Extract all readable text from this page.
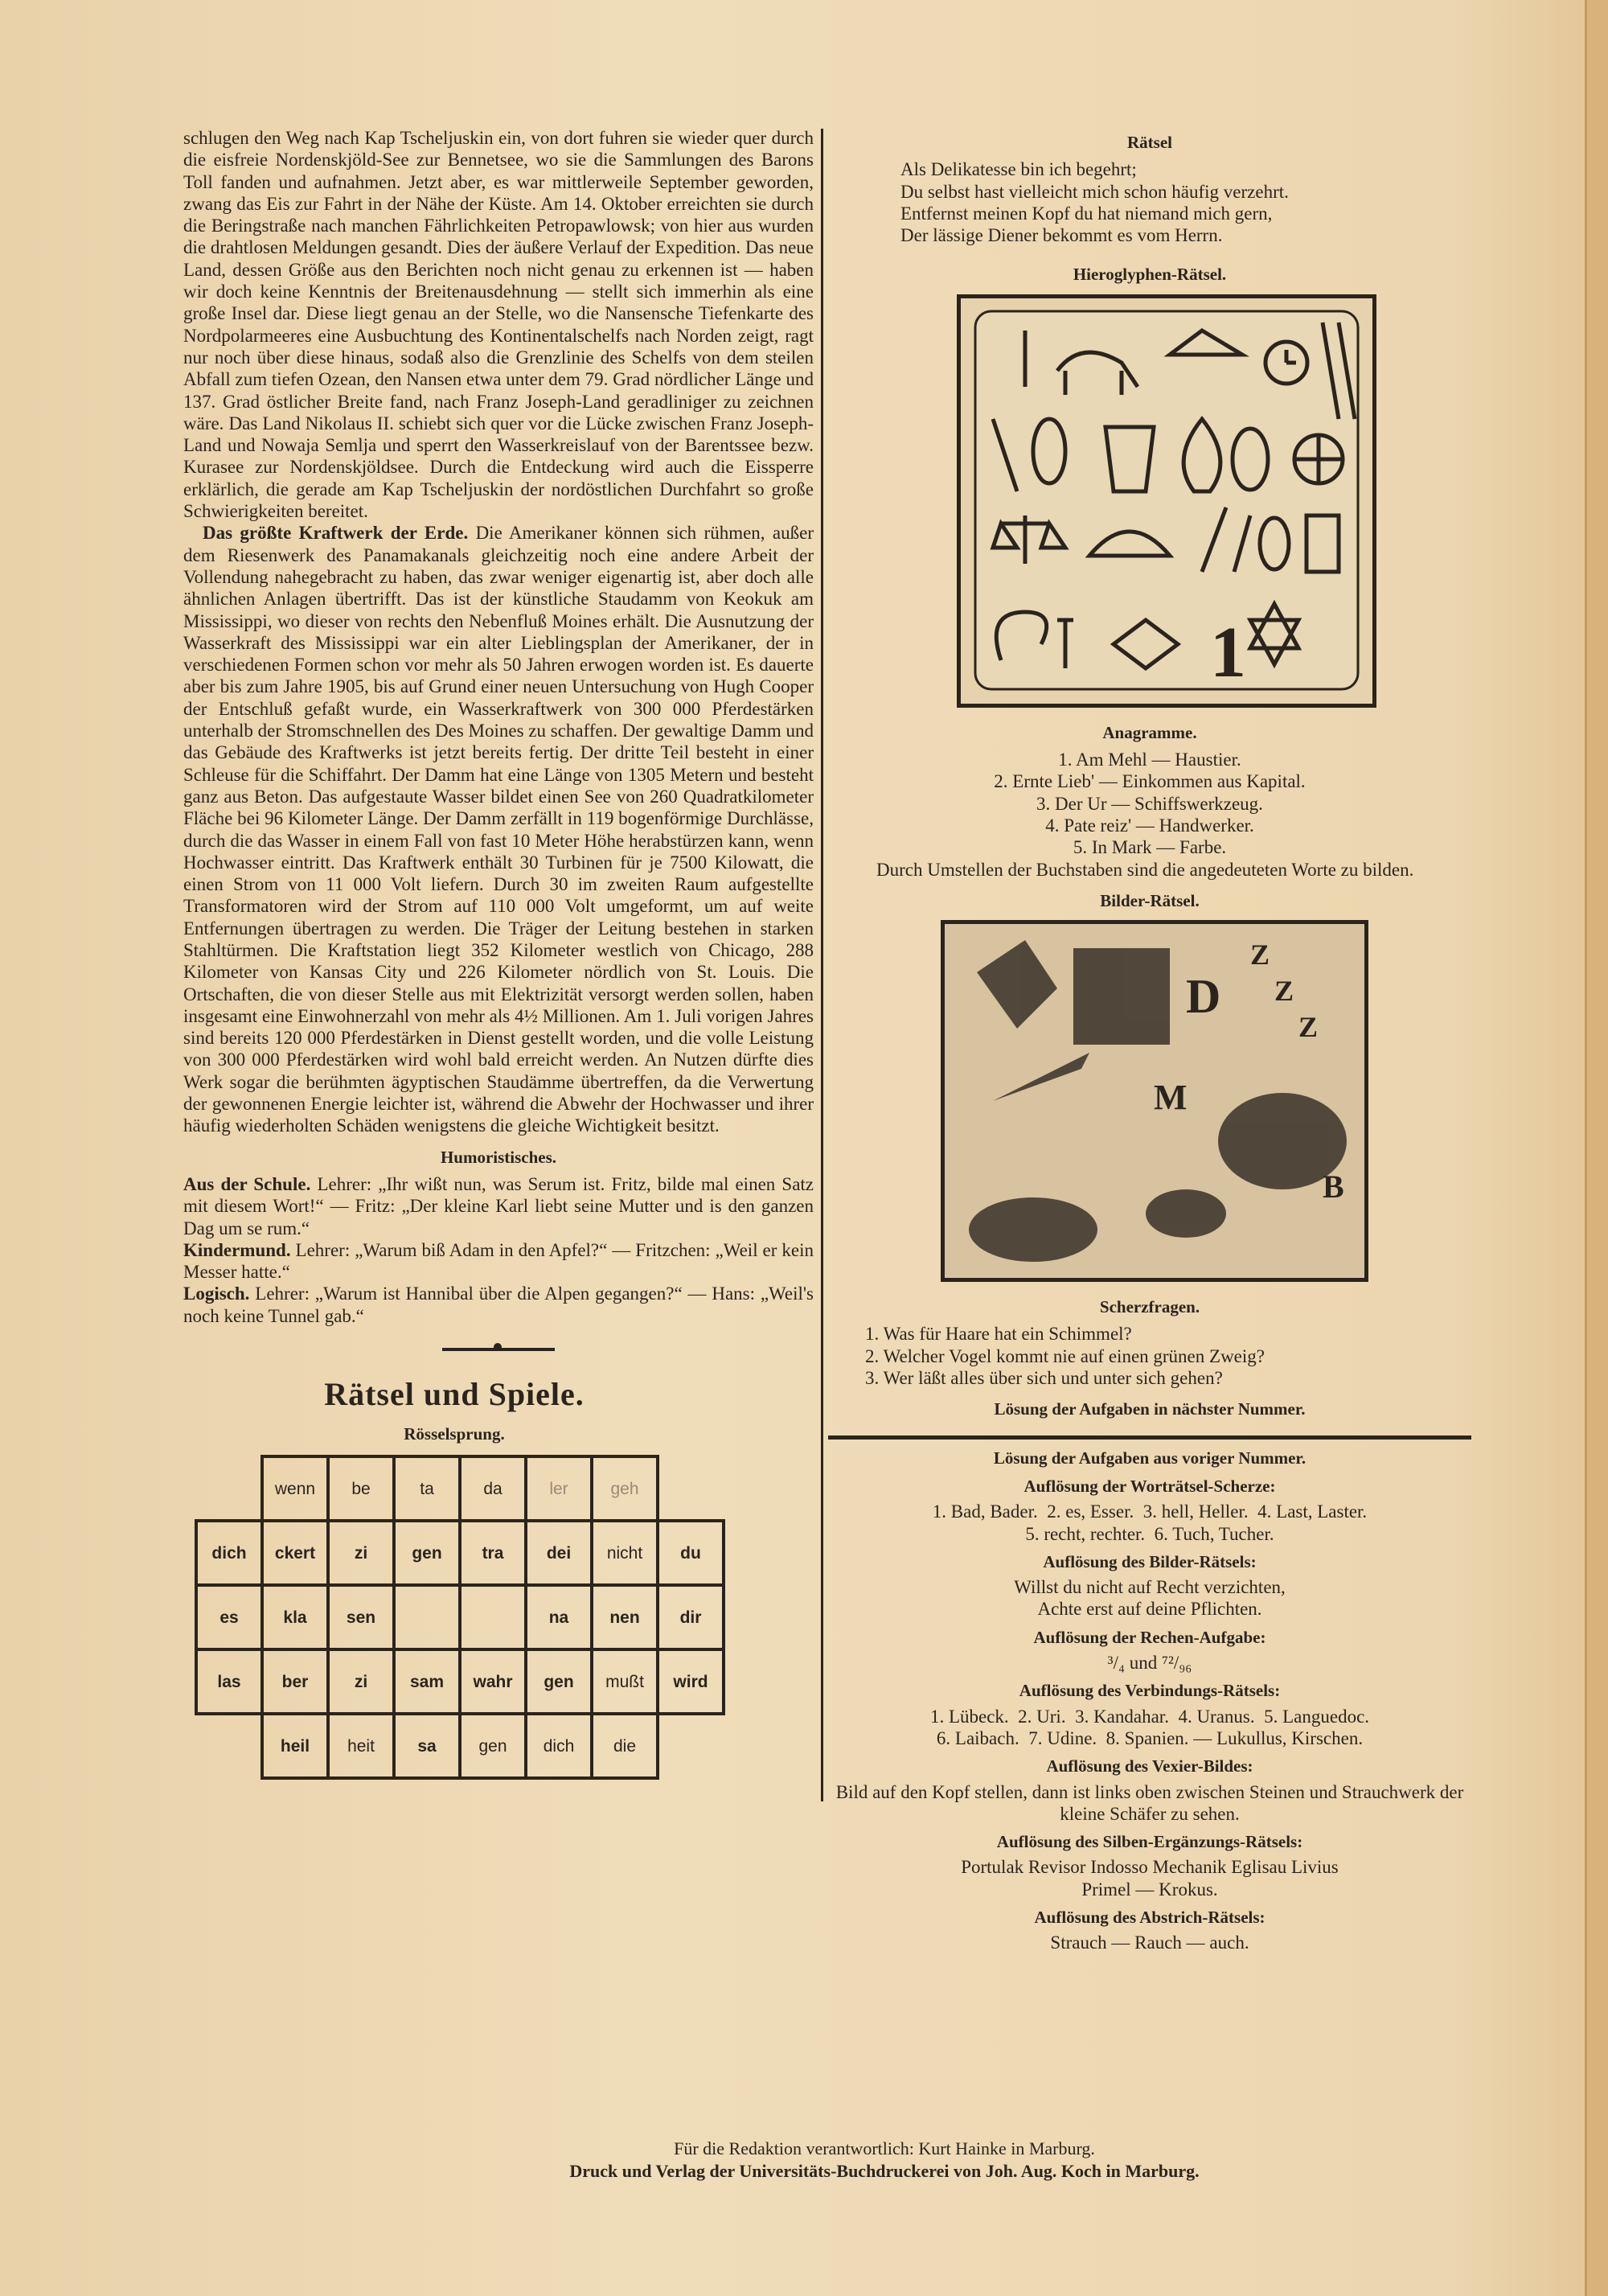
schlugen den Weg nach Kap Tscheljuskin ein, von dort fuhren sie wieder quer durch die eisfreie Nordenskjöld-See zur Bennetsee, wo sie die Sammlungen des Barons Toll fanden und aufnahmen. Jetzt aber, es war mittlerweile September geworden, zwang das Eis zur Fahrt in der Nähe der Küste. Am 14. Oktober erreichten sie durch die Beringstraße nach manchen Fährlichkeiten Petropawlowsk; von hier aus wurden die drahtlosen Meldungen gesandt. Dies der äußere Verlauf der Expedition. Das neue Land, dessen Größe aus den Berichten noch nicht genau zu erkennen ist — haben wir doch keine Kenntnis der Breitenausdehnung — stellt sich immerhin als eine große Insel dar. Diese liegt genau an der Stelle, wo die Nansensche Tiefenkarte des Nordpolarmeeres eine Ausbuchtung des Kontinentalschelfs nach Norden zeigt, ragt nur noch über diese hinaus, sodaß also die Grenzlinie des Schelfs von dem steilen Abfall zum tiefen Ozean, den Nansen etwa unter dem 79. Grad nördlicher Länge und 137. Grad östlicher Breite fand, nach Franz Joseph-Land geradliniger zu zeichnen wäre. Das Land Nikolaus II. schiebt sich quer vor die Lücke zwischen Franz Joseph-Land und Nowaja Semlja und sperrt den Wasserkreislauf von der Barentssee bezw. Kurasee zur Nordenskjöldsee. Durch die Entdeckung wird auch die Eissperre erklärlich, die gerade am Kap Tscheljuskin der nordöstlichen Durchfahrt so große Schwierigkeiten bereitet.

Das größte Kraftwerk der Erde. Die Amerikaner können sich rühmen, außer dem Riesenwerk des Panamakanals gleichzeitig noch eine andere Arbeit der Vollendung nahegebracht zu haben, das zwar weniger eigenartig ist, aber doch alle ähnlichen Anlagen übertrifft. Das ist der künstliche Staudamm von Keokuk am Mississippi, wo dieser von rechts den Nebenfluß Moines erhält. Die Ausnutzung der Wasserkraft des Mississippi war ein alter Lieblingsplan der Amerikaner, der in verschiedenen Formen schon vor mehr als 50 Jahren erwogen worden ist. Es dauerte aber bis zum Jahre 1905, bis auf Grund einer neuen Untersuchung von Hugh Cooper der Entschluß gefaßt wurde, ein Wasserkraftwerk von 300 000 Pferdestärken unterhalb der Stromschnellen des Des Moines zu schaffen. Der gewaltige Damm und das Gebäude des Kraftwerks ist jetzt bereits fertig. Der dritte Teil besteht in einer Schleuse für die Schiffahrt. Der Damm hat eine Länge von 1305 Metern und besteht ganz aus Beton. Das aufgestaute Wasser bildet einen See von 260 Quadratkilometer Fläche bei 96 Kilometer Länge. Der Damm zerfällt in 119 bogenförmige Durchlässe, durch die das Wasser in einem Fall von fast 10 Meter Höhe herabstürzen kann, wenn Hochwasser eintritt. Das Kraftwerk enthält 30 Turbinen für je 7500 Kilowatt, die einen Strom von 11 000 Volt liefern. Durch 30 im zweiten Raum aufgestellte Transformatoren wird der Strom auf 110 000 Volt umgeformt, um auf weite Entfernungen übertragen zu werden. Die Träger der Leitung bestehen in starken Stahltürmen. Die Kraftstation liegt 352 Kilometer westlich von Chicago, 288 Kilometer von Kansas City und 226 Kilometer nördlich von St. Louis. Die Ortschaften, die von dieser Stelle aus mit Elektrizität versorgt werden sollen, haben insgesamt eine Einwohnerzahl von mehr als 4½ Millionen. Am 1. Juli vorigen Jahres sind bereits 120 000 Pferdestärken in Dienst gestellt worden, und die volle Leistung von 300 000 Pferdestärken wird wohl bald erreicht werden. An Nutzen dürfte dies Werk sogar die berühmten ägyptischen Staudämme übertreffen, da die Verwertung der gewonnenen Energie leichter ist, während die Abwehr der Hochwasser und ihrer häufig wiederholten Schäden wenigstens die gleiche Wichtigkeit besitzt.

Humoristisches.

Aus der Schule. Lehrer: „Ihr wißt nun, was Serum ist. Fritz, bilde mal einen Satz mit diesem Wort!“ — Fritz: „Der kleine Karl liebt seine Mutter und is den ganzen Dag um se rum.“

Kindermund. Lehrer: „Warum biß Adam in den Apfel?“ — Fritzchen: „Weil er kein Messer hatte.“

Logisch. Lehrer: „Warum ist Hannibal über die Alpen gegangen?“ — Hans: „Weil's noch keine Tunnel gab.“

Rätsel und Spiele.
Rösselsprung.
	wenn	be	ta	da	ler	geh	
dich	ckert	zi	gen	tra	dei	nicht	du
es	kla	sen			na	nen	dir
las	ber	zi	sam	wahr	gen	mußt	wird
	heil	heit	sa	gen	dich	die	
Rätsel
Als Delikatesse bin ich begehrt;
Du selbst hast vielleicht mich schon häufig verzehrt.
Entfernst meinen Kopf du hat niemand mich gern,
Der lässige Diener bekommt es vom Herrn.
Hieroglyphen-Rätsel.
1
Anagramme.
1. Am Mehl — Haustier.
2. Ernte Lieb' — Einkommen aus Kapital.
3. Der Ur — Schiffswerkzeug.
4. Pate reiz' — Handwerker.
5. In Mark — Farbe.

Durch Umstellen der Buchstaben sind die angedeuteten Worte zu bilden.

Bilder-Rätsel.
Z
Z
Z
D
M
B
Scherzfragen.
1. Was für Haare hat ein Schimmel?
2. Welcher Vogel kommt nie auf einen grünen Zweig?
3. Wer läßt alles über sich und unter sich gehen?
Lösung der Aufgaben in nächster Nummer.
Lösung der Aufgaben aus voriger Nummer.
Auflösung der Worträtsel-Scherze:
1. Bad, Bader.  2. es, Esser.  3. hell, Heller.  4. Last, Laster.
5. recht, rechter.  6. Tuch, Tucher.
Auflösung des Bilder-Rätsels:
Willst du nicht auf Recht verzichten,
Achte erst auf deine Pflichten.
Auflösung der Rechen-Aufgabe:
³/₄ und ⁷²/₉₆
Auflösung des Verbindungs-Rätsels:
1. Lübeck.  2. Uri.  3. Kandahar.  4. Uranus.  5. Languedoc.
6. Laibach.  7. Udine.  8. Spanien. — Lukullus, Kirschen.
Auflösung des Vexier-Bildes:
Bild auf den Kopf stellen, dann ist links oben zwischen Steinen und Strauchwerk der kleine Schäfer zu sehen.
Auflösung des Silben-Ergänzungs-Rätsels:
Portulak Revisor Indosso Mechanik Eglisau Livius
Primel — Krokus.
Auflösung des Abstrich-Rätsels:
Strauch — Rauch — auch.
Für die Redaktion verantwortlich: Kurt Hainke in Marburg.
Druck und Verlag der Universitäts-Buchdruckerei von Joh. Aug. Koch in Marburg.
